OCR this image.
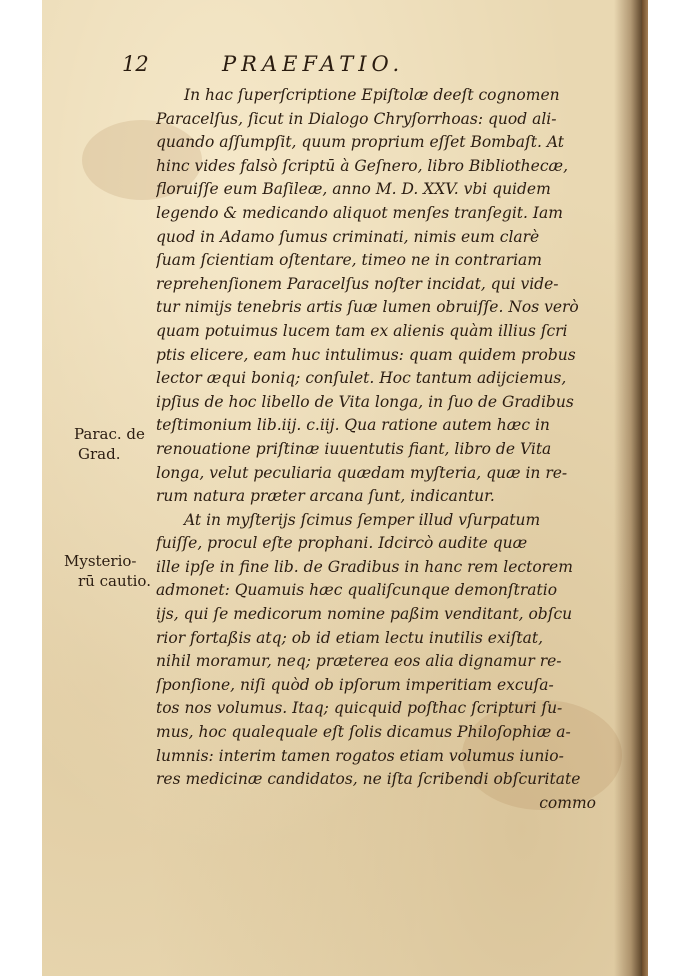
12	PRAEFATIO.
Parac. de
Grad.
Mysterio-
rū cautio.
In hac ſuperſcriptione Epiſtolæ deeſt cognomen
Paracelſus, ſicut in Dialogo Chryſorrhoas: quod ali-
quando aſſumpſit, quum proprium eſſet Bombaſt. At
hinc vides falsò ſcriptū à Geſnero, libro Bibliothecæ,
floruiſſe eum Baſileæ, anno M. D. XXV. vbi quidem
legendo & medicando aliquot menſes tranſegit. Iam
quod in Adamo ſumus criminati, nimis eum clarè
ſuam ſcientiam oſtentare, timeo ne in contrariam
reprehenſionem Paracelſus noſter incidat, qui vide-
tur nimijs tenebris artis ſuæ lumen obruiſſe. Nos verò
quam potuimus lucem tam ex alienis quàm illius ſcri
ptis elicere, eam huc intulimus: quam quidem probus
lector æqui boniq; conſulet. Hoc tantum adijciemus,
ipſius de hoc libello de Vita longa, in ſuo de Gradibus
teſtimonium lib.iij. c.iij. Qua ratione autem hæc in
renouatione priſtinæ iuuentutis fiant, libro de Vita
longa, velut peculiaria quædam myſteria, quæ in re-
rum natura præter arcana ſunt, indicantur.
At in myſterijs ſcimus ſemper illud vſurpatum
fuiſſe, procul eſte prophani. Idcircò audite quæ
ille ipſe in fine lib. de Gradibus in hanc rem lectorem
admonet: Quamuis hæc qualiſcunque demonſtratio
ijs, qui ſe medicorum nomine paßim venditant, obſcu
rior fortaßis atq; ob id etiam lectu inutilis exiſtat,
nihil moramur, neq; præterea eos alia dignamur re-
ſponſione, niſi quòd ob ipſorum imperitiam excuſa-
tos nos volumus. Itaq; quicquid poſthac ſcripturi ſu-
mus, hoc qualequale eſt ſolis dicamus Philoſophiæ a-
lumnis: interim tamen rogatos etiam volumus iunio-
res medicinæ candidatos, ne iſta ſcribendi obſcuritate
commo
